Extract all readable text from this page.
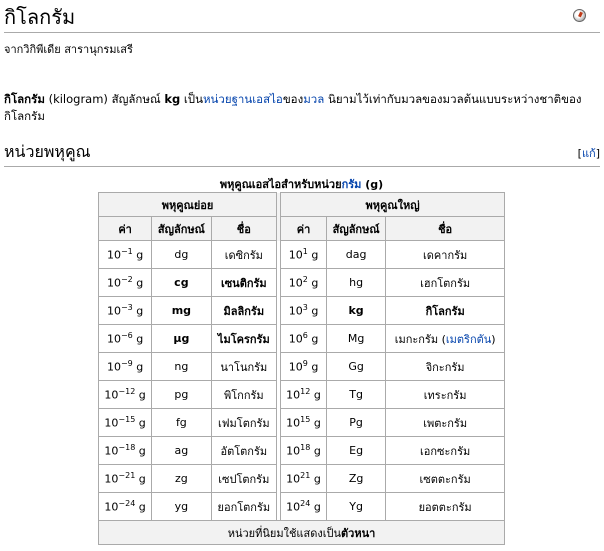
กิโลกรัม
จากวิกิพีเดีย สารานุกรมเสรี
กิโลกรัม (kilogram) สัญลักษณ์ kg เป็นหน่วยฐานเอสไอของมวล นิยามไว้เท่ากับมวลของมวลต้นแบบระหว่างชาติของกิโลกรัม
หน่วยพหุคูณ	[แก้]
พหุคูณเอสไอสำหรับหน่วยกรัม (g)
พหุคูณย่อย				พหุคูณใหญ่		
ค่า	สัญลักษณ์	ชื่อ		ค่า	สัญลักษณ์	ชื่อ
$10^{-1}$ g	dg	เดซิกรัม		$10^1$ g	dag	เดคากรัม
$10^{-2}$ g	cg	เซนติกรัม		$10^2$ g	hg	เฮกโตกรัม
$10^{-3}$ g	mg	มิลลิกรัม		$10^3$ g	kg	กิโลกรัม
$10^{-6}$ g	µg	ไมโครกรัม		$10^6$ g	Mg	เมกะกรัม (เมตริกตัน)
$10^{-9}$ g	ng	นาโนกรัม		$10^9$ g	Gg	จิกะกรัม
$10^{-12}$ g	pg	พิโกกรัม		$10^{12}$ g	Tg	เทระกรัม
$10^{-15}$ g	fg	เฟมโตกรัม		$10^{15}$ g	Pg	เพตะกรัม
$10^{-18}$ g	ag	อัตโตกรัม		$10^{18}$ g	Eg	เอกซะกรัม
$10^{-21}$ g	zg	เซปโตกรัม		$10^{21}$ g	Zg	เซตตะกรัม
$10^{-24}$ g	yg	ยอกโตกรัม		$10^{24}$ g	Yg	ยอตตะกรัม
หน่วยที่นิยมใช้แสดงเป็นตัวหนา						
